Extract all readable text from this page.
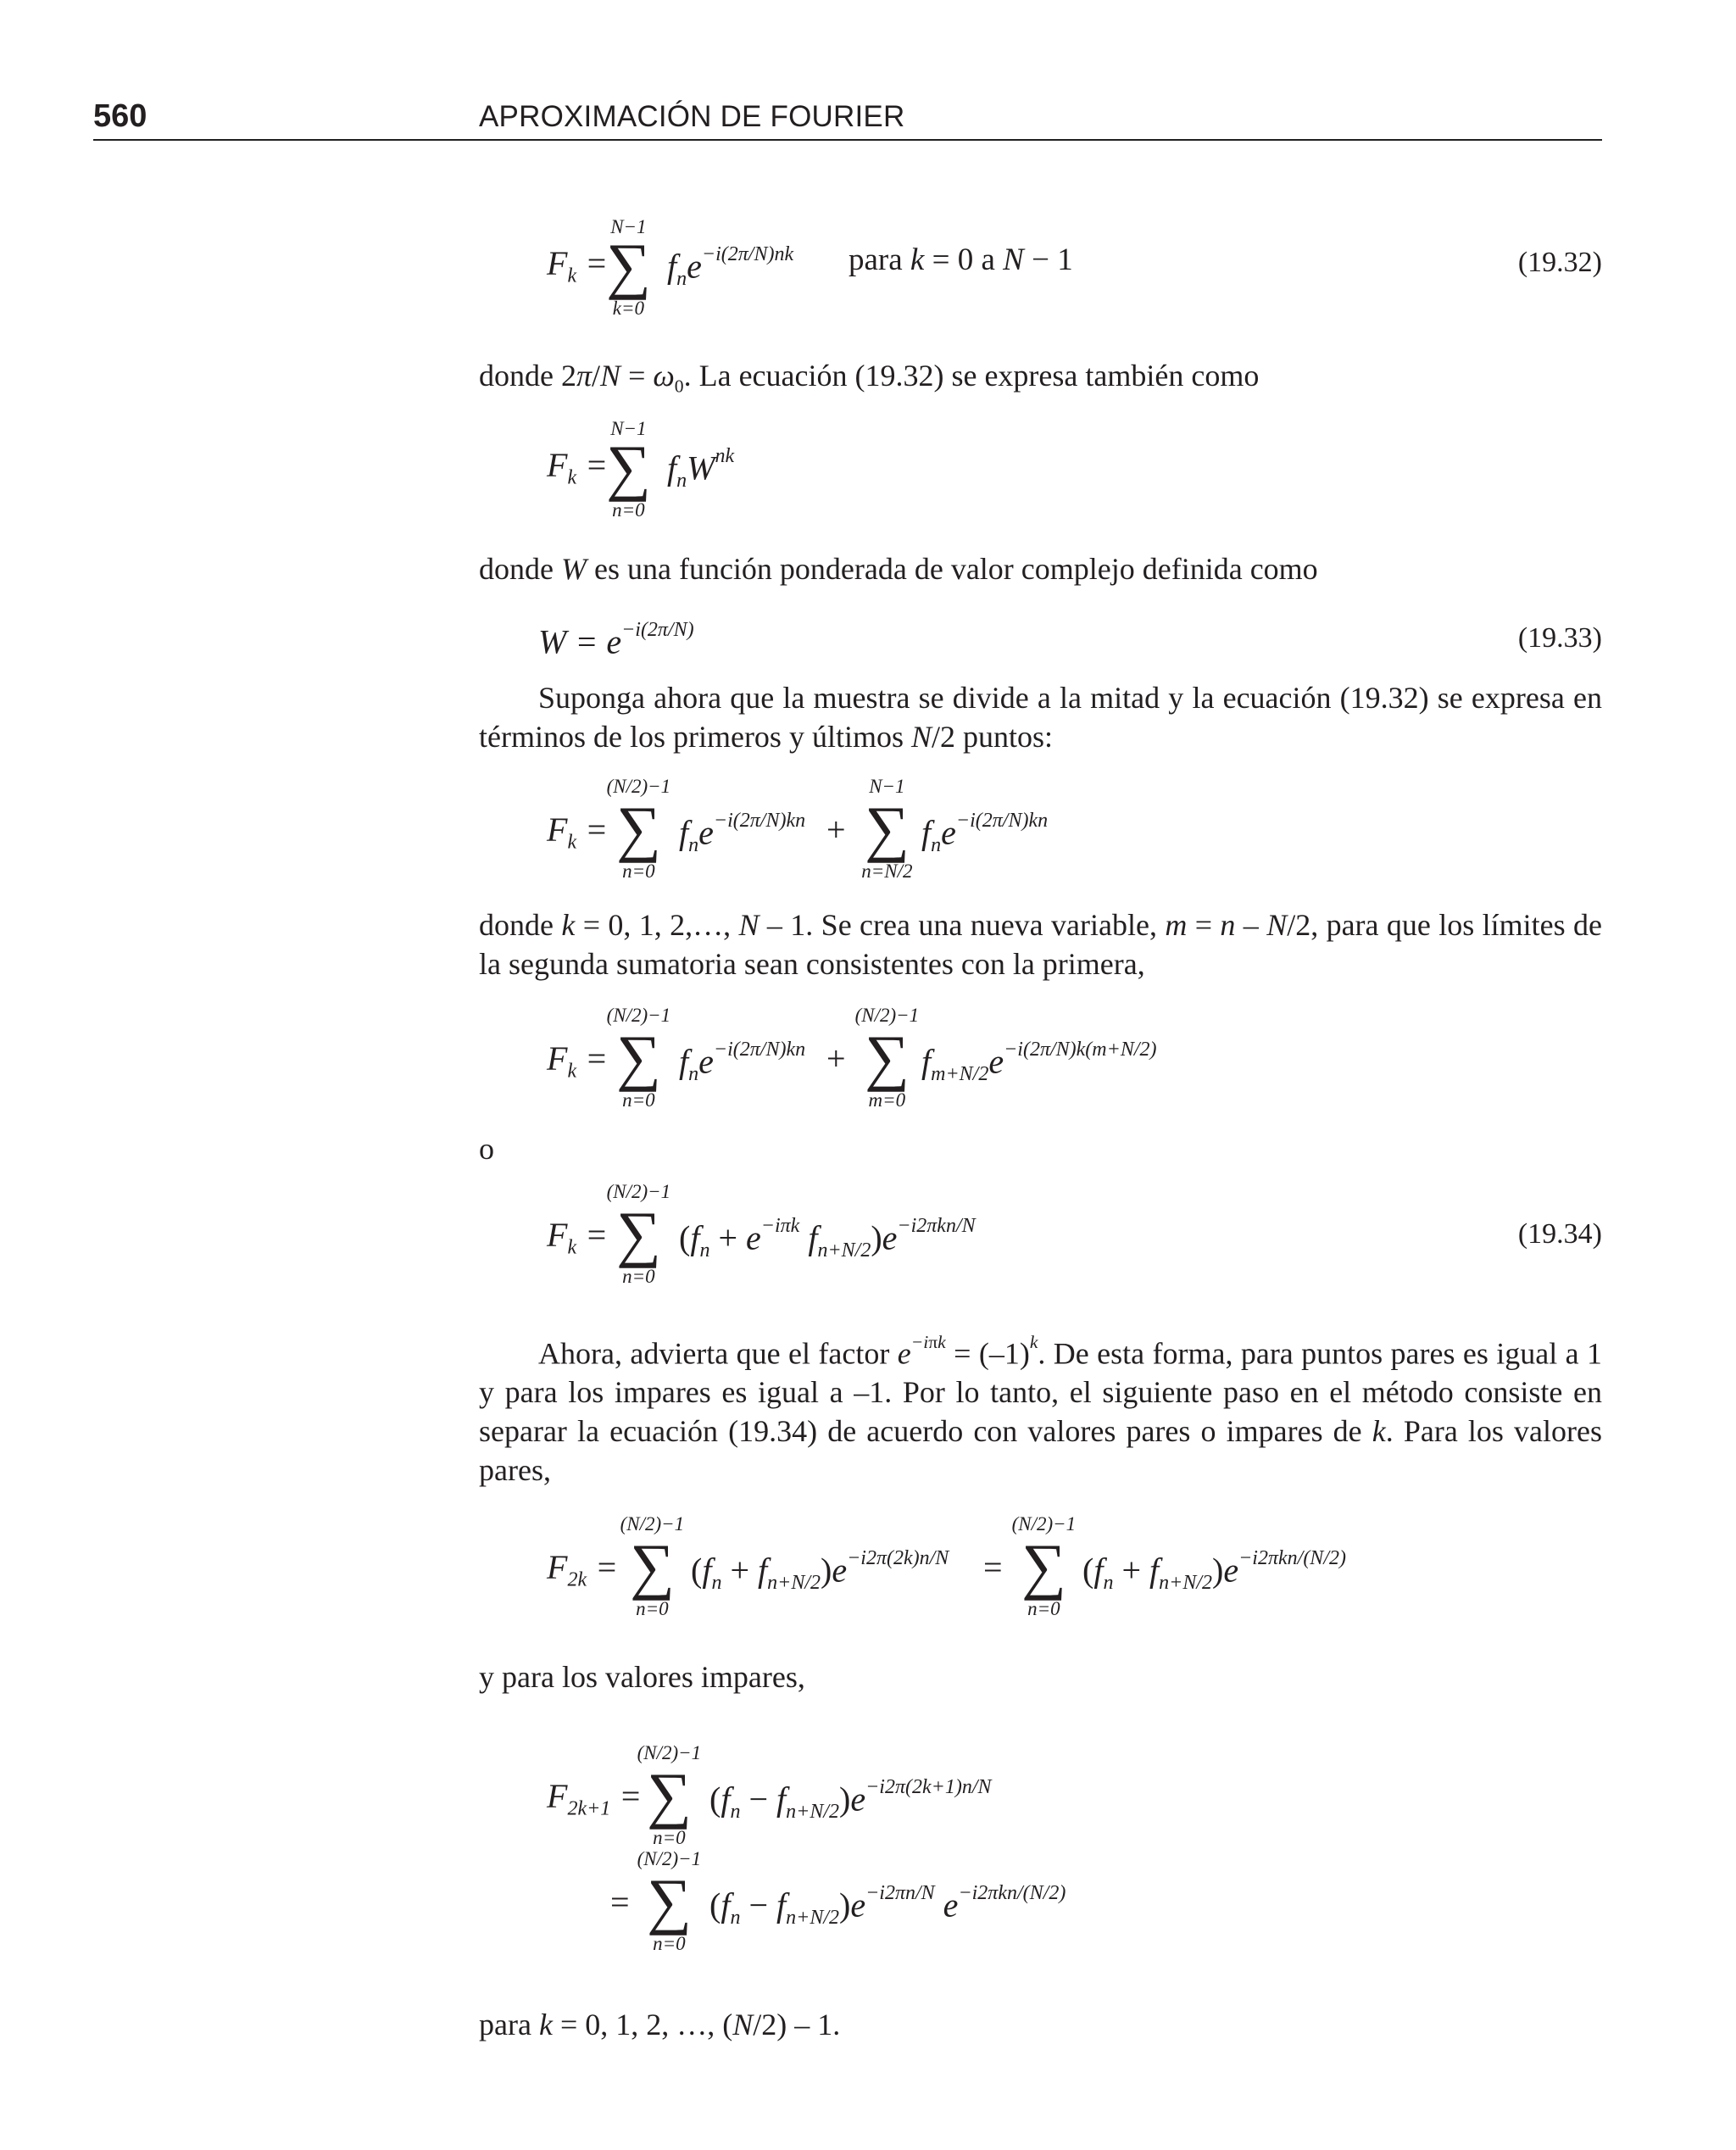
560	APROXIMACIÓN DE FOURIER
$F_k$ =
N−1
∑
k=0
$f_ne^{-i(2\pi/N)nk}$ para k = 0 a N − 1	(19.32)

donde $2\pi/N = \omega_0$. La ecuación (19.32) se expresa también como

$F_k$ =
N−1
∑
n=0
$f_nW^{nk}$

donde W es una función ponderada de valor complejo definida como

$W = e^{-i(2\pi/N)}$	(19.33)

Suponga ahora que la muestra se divide a la mitad y la ecuación (19.32) se expresa en términos de los primeros y últimos N/2 puntos:

$F_k$ =
(N/2)−1
∑
n=0
$f_ne^{-i(2\pi/N)kn}$ +
N−1
∑
n=N/2
$f_ne^{-i(2\pi/N)kn}$

donde k = 0, 1, 2,…, N – 1. Se crea una nueva variable, m = n – N/2, para que los límites de la segunda sumatoria sean consistentes con la primera,

$F_k$ =
(N/2)−1
∑
n=0
$f_ne^{-i(2\pi/N)kn}$ +
(N/2)−1
∑
m=0
$f_{m+N/2}e^{-i(2\pi/N)k(m+N/2)}$

o

$F_k$ =
(N/2)−1
∑
n=0
($f_n + e^{-i\pi k}$ $f_{n+N/2})e^{-i2\pi kn/N}$	(19.34)

Ahora, advierta que el factor $e^{-i\pi k} = (-1)^k$. De esta forma, para puntos pares es igual a 1 y para los impares es igual a –1. Por lo tanto, el siguiente paso en el método consiste en separar la ecuación (19.34) de acuerdo con valores pares o impares de k. Para los valores pares,

$F_{2k}$ =
(N/2)−1
∑
n=0
$(f_n + f_{n+N/2})e^{-i2\pi(2k)n/N}$ =
(N/2)−1
∑
n=0
$(f_n + f_{n+N/2})e^{-i2\pi kn/(N/2)}$

y para los valores impares,

$F_{2k+1}$ =
(N/2)−1
∑
n=0
$(f_n - f_{n+N/2})e^{-i2\pi(2k+1)n/N}$
=
(N/2)−1
∑
n=0
$(f_n - f_{n+N/2})e^{-i2\pi n/N}$ $e^{-i2\pi kn/(N/2)}$

para k = 0, 1, 2, …, (N/2) – 1.
